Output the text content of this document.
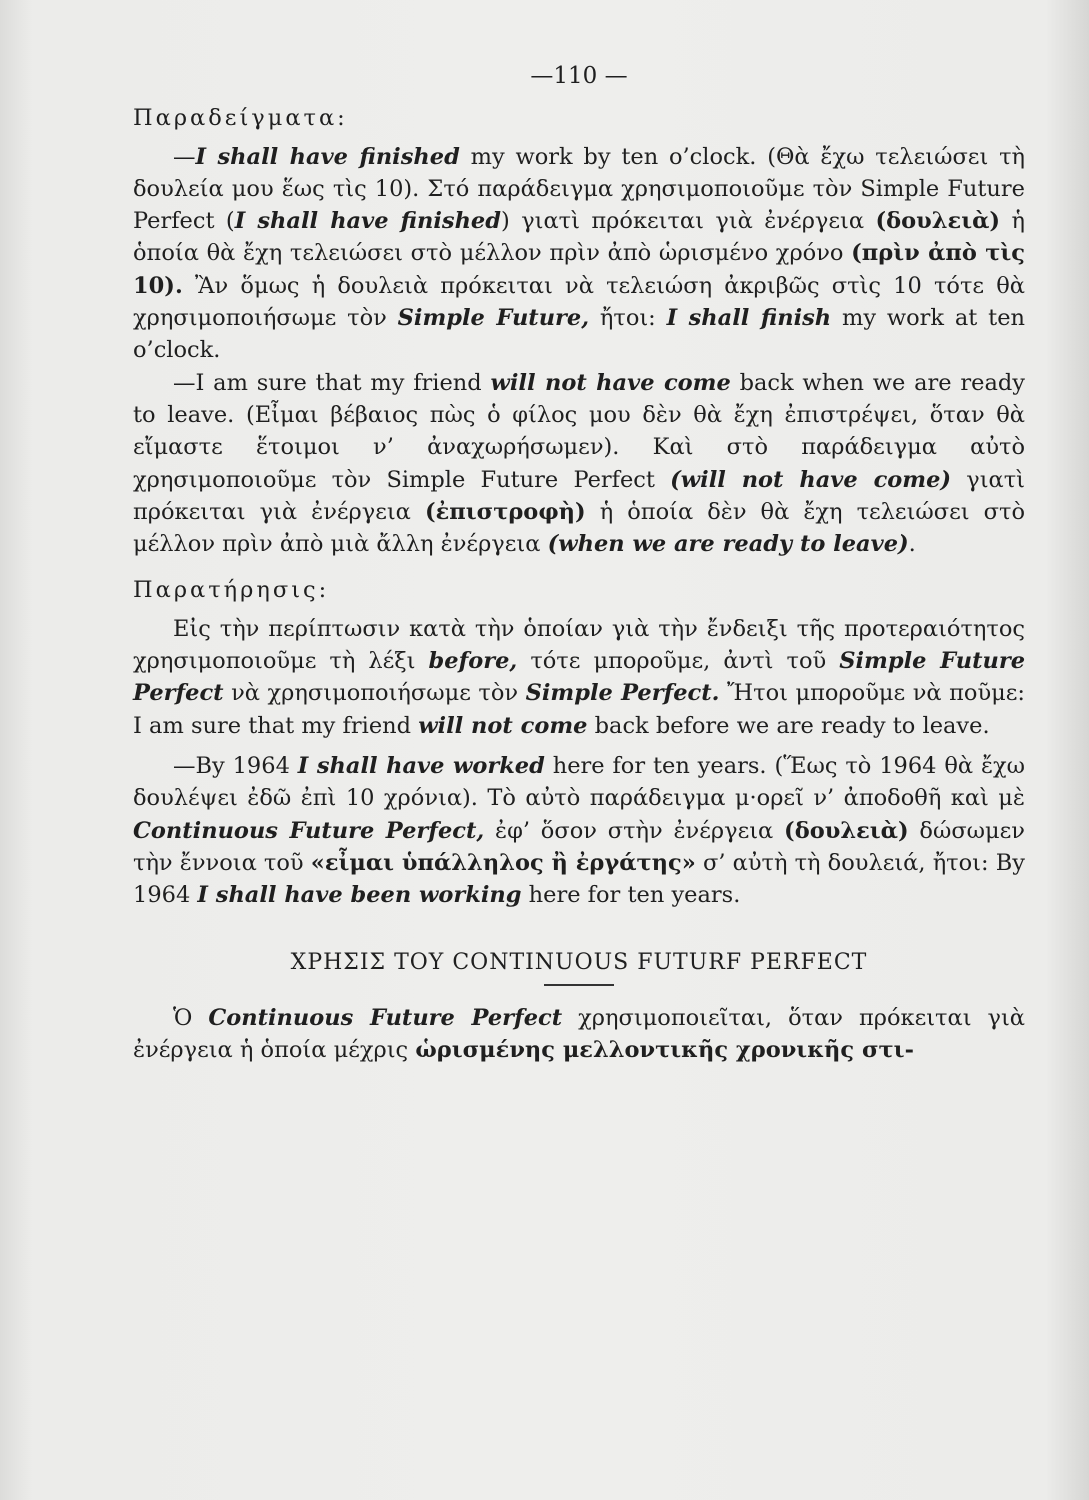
—110 —
Παραδείγματα:

—I shall have finished my work by ten o’clock. (Θὰ ἔχω τελειώσει τὴ δουλεία μου ἕως τὶς 10). Στό παράδειγμα χρησιμοποιοῦμε τὸν Simple Future Perfect (I shall have finished) γιατὶ πρόκειται γιὰ ἐνέργεια (δουλειὰ) ἡ ὁποία θὰ ἔχη τελειώσει στὸ μέλλον πρὶν ἀπὸ ὡρισμένο χρόνο (πρὶν ἀπὸ τὶς 10). Ἂν ὅμως ἡ δουλειὰ πρόκειται νὰ τελειώση ἀκριβῶς στὶς 10 τότε θὰ χρησιμοποιήσωμε τὸν Simple Future, ἤτοι: I shall finish my work at ten o’clock.

—I am sure that my friend will not have come back when we are ready to leave. (Εἶμαι βέβαιος πὼς ὁ φίλος μου δὲν θὰ ἔχη ἐπιστρέψει, ὅταν θὰ εἴμαστε ἕτοιμοι ν’ ἀναχωρήσωμεν). Καὶ στὸ παράδειγμα αὐτὸ χρησιμοποιοῦμε τὸν Simple Future Perfect (will not have come) γιατὶ πρόκειται γιὰ ἐνέργεια (ἐπιστροφὴ) ἡ ὁποία δὲν θὰ ἔχη τελειώσει στὸ μέλλον πρὶν ἀπὸ μιὰ ἄλλη ἐνέργεια (when we are ready to leave).

Παρατήρησις:

Εἰς τὴν περίπτωσιν κατὰ τὴν ὁποίαν γιὰ τὴν ἔνδειξι τῆς προτεραιότητος χρησιμοποιοῦμε τὴ λέξι before, τότε μποροῦμε, ἀντὶ τοῦ Simple Future Perfect νὰ χρησιμοποιήσωμε τὸν Simple Perfect. Ἤτοι μποροῦμε νὰ ποῦμε: I am sure that my friend will not come back before we are ready to leave.

—By 1964 I shall have worked here for ten years. (Ἕως τὸ 1964 θὰ ἔχω δουλέψει ἐδῶ ἐπὶ 10 χρόνια). Τὸ αὐτὸ παράδειγμα μ·ορεῖ ν’ ἀποδοθῆ καὶ μὲ Continuous Future Perfect, ἐφ’ ὅσον στὴν ἐνέργεια (δουλειὰ) δώσωμεν τὴν ἔννοια τοῦ «εἶμαι ὑπάλληλος ἢ ἐργάτης» σ’ αὐτὴ τὴ δουλειά, ἤτοι: By 1964 I shall have been working here for ten years.

ΧΡΗΣΙΣ ΤΟΥ CONTINUOUS FUTURF PERFECT

Ὁ Continuous Future Perfect χρησιμοποιεῖται, ὅταν πρόκειται γιὰ ἐνέργεια ἡ ὁποία μέχρις ὡρισμένης μελλοντικῆς χρονικῆς στι-
